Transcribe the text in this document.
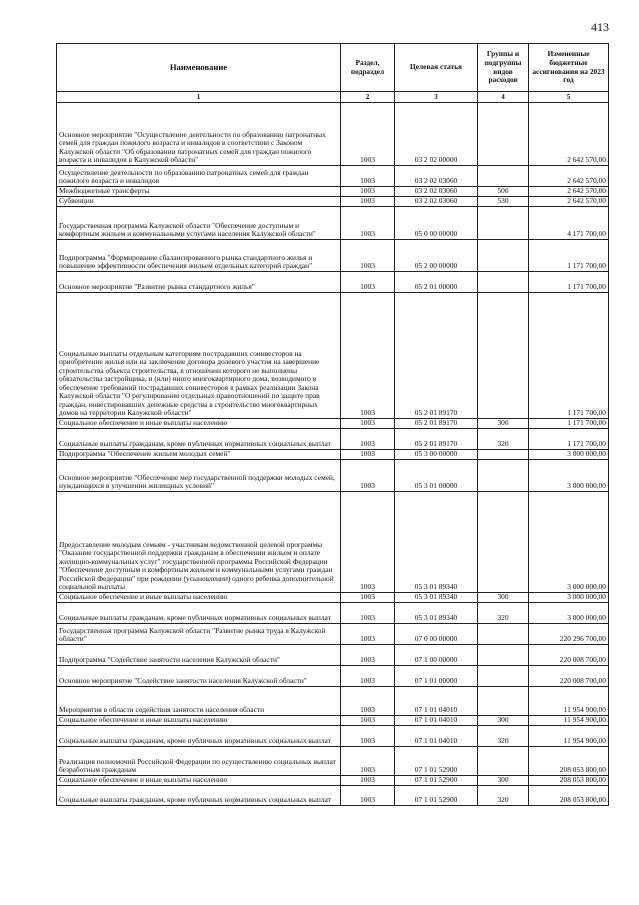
413
Наименование	Раздел, подраздел	Целевая статья	Группы и подгруппы видов расходов	Измененные бюджетные ассигнования на 2023 год
1	2	3	4	5
Основное мероприятие "Осуществление деятельности по образованию патронатных семей для граждан пожилого возраста и инвалидов в соответствии с Законом Калужской области "Об образовании патронатных семей для граждан пожилого возраста и инвалидов в Калужской области"	1003	03 2 02 00000		2 642 570,00
Осуществление деятельности по образованию патронатных семей для граждан пожилого возраста и инвалидов	1003	03 2 02 03060		2 642 570,00
Межбюджетные трансферты	1003	03 2 02 03060	500	2 642 570,00
Субвенции	1003	03 2 02 03060	530	2 642 570,00
Государственная программа Калужской области "Обеспечение доступным и комфортным жильем и коммунальными услугами населения Калужской области"	1003	05 0 00 00000		4 171 700,00
Подпрограмма "Формирование сбалансированного рынка стандартного жилья и повышение эффективности обеспечения жильем отдельных категорий граждан"	1003	05 2 00 00000		1 171 700,00
Основное мероприятие "Развитие рынка стандартного жилья"	1003	05 2 01 00000		1 171 700,00
Социальные выплаты отдельным категориям пострадавших соинвесторов на приобретение жилья или на заключение договора долевого участия на завершение строительства объекта строительства, в отношении которого не выполнены обязательства застройщика, и (или) иного многоквартирного дома, возводимого в обеспечение требований пострадавших соинвесторов в рамках реализации Закона Калужской области "О регулировании отдельных правоотношений по защите прав граждан, инвестировавших денежные средства в строительство многоквартирных домов на территории Калужской области"	1003	05 2 01 89170		1 171 700,00
Социальное обеспечение и иные выплаты населению	1003	05 2 01 89170	300	1 171 700,00
Социальные выплаты гражданам, кроме публичных нормативных социальных выплат	1003	05 2 01 89170	320	1 171 700,00
Подпрограмма "Обеспечение жильем молодых семей"	1003	05 3 00 00000		3 000 000,00
Основное мероприятие "Обеспечение мер государственной поддержки молодых семей, нуждающихся в улучшении жилищных условий"	1003	05 3 01 00000		3 000 000,00
Предоставление молодым семьям - участникам ведомственной целевой программы "Оказание государственной поддержки гражданам в обеспечении жильем и оплате жилищно-коммунальных услуг" государственной программы Российской Федерации "Обеспечение доступным и комфортным жильем и коммунальными услугами граждан Российской Федерации" при рождении (усыновлении) одного ребенка дополнительной социальной выплаты	1003	05 3 01 89340		3 000 000,00
Социальное обеспечение и иные выплаты населению	1003	05 3 01 89340	300	3 000 000,00
Социальные выплаты гражданам, кроме публичных нормативных социальных выплат	1003	05 3 01 89340	320	3 000 000,00
Государственная программа Калужской области "Развитие рынка труда в Калужской области"	1003	07 0 00 00000		220 296 700,00
Подпрограмма "Содействие занятости населения Калужской области"	1003	07 1 00 00000		220 008 700,00
Основное мероприятие "Содействие занятости населения Калужской области"	1003	07 1 01 00000		220 008 700,00
Мероприятия в области содействия занятости населения области	1003	07 1 01 04010		11 954 900,00
Социальное обеспечение и иные выплаты населению	1003	07 1 01 04010	300	11 954 900,00
Социальные выплаты гражданам, кроме публичных нормативных социальных выплат	1003	07 1 01 04010	320	11 954 900,00
Реализация полномочий Российской Федерации по осуществлению социальных выплат безработным гражданам	1003	07 1 01 52900		208 053 800,00
Социальное обеспечение и иные выплаты населению	1003	07 1 01 52900	300	208 053 800,00
Социальные выплаты гражданам, кроме публичных нормативных социальных выплат	1003	07 1 01 52900	320	208 053 800,00
